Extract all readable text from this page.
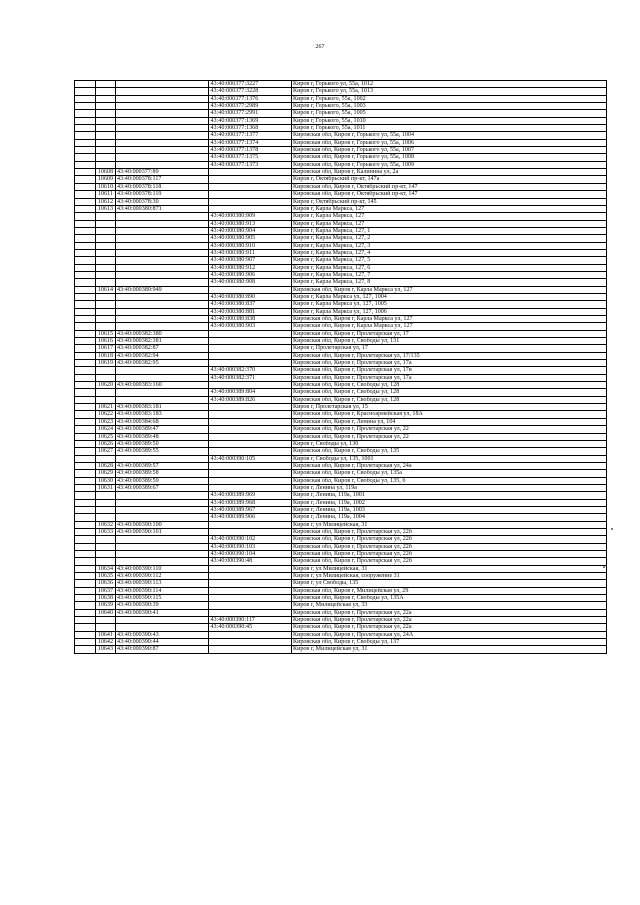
267
			43:40:000377:3227	Киров г, Горького ул, 55а, 1012
			43:40:000377:3228	Киров г, Горького ул, 55а, 1013
			43:40:000377:1376	Киров г, Горького, 55а, 1002
			43:40:000377:2989	Киров г, Горького, 55а, 1003
			43:40:000377:2991	Киров г, Горького, 55а, 1005
			43:40:000377:1369	Киров г, Горького, 55а, 1010
			43:40:000377:1368	Киров г, Горького, 55а, 1011
			43:40:000377:1377	Кировская обл, Киров г, Горького ул, 55а, 1004
			43:40:000377:1374	Кировская обл, Киров г, Горького ул, 55а, 1006
			43:40:000377:1378	Кировская обл, Киров г, Горького ул, 55а, 1007
			43:40:000377:1375	Кировская обл, Киров г, Горького ул, 55а, 1008
			43:40:000377:1373	Кировская обл, Киров г, Горького ул, 55а, 1009
	10608	43:40:000377:89		Кировская обл, Киров г, Калинина ул, 2а
	10609	43:40:000378:117		Киров г, Октябрьский пр-кт, 147а
	10610	43:40:000378:118		Кировская обл, Киров г, Октябрьский пр-кт, 147
	10611	43:40:000378:119		Кировская обл, Киров г, Октябрьский пр-кт, 147
	10612	43:40:000378:30		Киров г, Октябрьский пр-кт, 145
	10613	43:40:000380:871		Киров г, Карла Маркса, 127
			43:40:000380:909	Киров г, Карла Маркса, 127
			43:40:000380:913	Киров г, Карла Маркса, 127
			43:40:000380:904	Киров г, Карла Маркса, 127, 1
			43:40:000380:905	Киров г, Карла Маркса, 127, 2
			43:40:000380:910	Киров г, Карла Маркса, 127, 3
			43:40:000380:911	Киров г, Карла Маркса, 127, 4
			43:40:000380:907	Киров г, Карла Маркса, 127, 5
			43:40:000380:912	Киров г, Карла Маркса, 127, 6
			43:40:000380:906	Киров г, Карла Маркса, 127, 7
			43:40:000380:908	Киров г, Карла Маркса, 127, 8
	10614	43:40:000380:949		Кировская обл, Киров г, Карла Маркса ул, 127
			43:40:000380:890	Киров г, Карла Маркса ул, 127, 1004
			43:40:000380:837	Киров г, Карла Маркса ул, 127, 1005
			43:40:000380:881	Киров г, Карла Маркса ул, 127, 1006
			43:40:000380:838	Кировская обл, Киров г, Карла Маркса ул, 127
			43:40:000380:903	Кировская обл, Киров г, Карла Маркса ул, 127
	10615	43:40:000382:380		Кировская обл, Киров г, Пролетарская ул, 17
	10616	43:40:000382:381		Кировская обл, Киров г, Свободы ул, 131
	10617	43:40:000382:87		Киров г, Пролетарская ул, 17
	10618	43:40:000382:94		Кировская обл, Киров г, Пролетарская ул, 17/135
	10619	43:40:000382:95		Кировская обл, Киров г, Пролетарская ул, 17а
			43:40:000382:370	Кировская обл, Киров г, Пролетарская ул, 17в
			43:40:000382:371	Кировская обл, Киров г, Пролетарская ул, 17а
	10620	43:40:000383:160		Кировская обл, Киров г, Свободы ул, 128
			43:40:000389:804	Кировская обл, Киров г, Свободы ул, 128
			43:40:000389:826	Кировская обл, Киров г, Свободы ул, 128
	10621	43:40:000383:181		Киров г, Пролетарская ул, 15
	10622	43:40:000383:183		Кировская обл, Киров г, Красноармейская ул, 18А
	10623	43:40:000384:68		Кировская обл, Киров г, Ленина ул, 104
	10624	43:40:000389:47		Кировская обл, Киров г, Пролетарская ул, 22
	10625	43:40:000389:48		Кировская обл, Киров г, Пролетарская ул, 22
	10626	43:40:000389:50		Киров г, Свободы ул, 130
	10627	43:40:000389:55		Кировская обл, Киров г, Свободы ул, 135
			43:40:000390:105	Киров г, Свободы ул, 135, 1001
	10628	43:40:000389:57		Кировская обл, Киров г, Пролетарская ул, 24а
	10629	43:40:000389:58		Кировская обл, Киров г, Свободы ул, 135а
	10630	43:40:000389:59		Кировская обл, Киров г, Свободы ул, 135, б
	10631	43:40:000389:67		Киров г, Ленина ул, 119а
			43:40:000389:969	Киров г, Ленина, 119а, 1001
			43:40:000389:968	Киров г, Ленина, 119а, 1002
			43:40:000389:967	Киров г, Ленина, 119а, 1003
			43:40:000389:966	Киров г, Ленина, 119а, 1004
	10632	43:40:000390:100		Киров г, ул Милицейская, 31
	10633	43:40:000390:101		Кировская обл, Киров г, Пролетарская ул, 22б
			43:40:000390:102	Кировская обл, Киров г, Пролетарская ул, 22б
			43:40:000390:103	Кировская обл, Киров г, Пролетарская ул, 22б
			43:40:000390:104	Кировская обл, Киров г, Пролетарская ул, 22б
			43:40:000390:48	Кировская обл, Киров г, Пролетарская ул, 22б
	10634	43:40:000390:110		Киров г, ул Милицейская, 31
	10635	43:40:000390:112		Киров г, ул Милицейская, сооружение 31
	10636	43:40:000390:113		Киров г, ул Свободы, 135
	10637	43:40:000390:114		Кировская обл, Киров г, Милицейская ул, 29
	10638	43:40:000390:115		Кировская обл, Киров г, Свободы ул, 135А
	10639	43:40:000390:39		Киров г, Милицейская ул, 33
	10640	43:40:000390:41		Кировская обл, Киров г, Пролетарская ул, 22а
			43:40:000390:117	Кировская обл, Киров г, Пролетарская ул, 22а
			43:40:000390:45	Кировская обл, Киров г, Пролетарская ул, 22а
	10641	43:40:000390:43		Кировская обл, Киров г, Пролетарская ул, 24А
	10642	43:40:000390:44		Кировская обл, Киров г, Свободы ул, 137
	10643	43:40:000390:87		Киров г, Милицейская ул, 31
